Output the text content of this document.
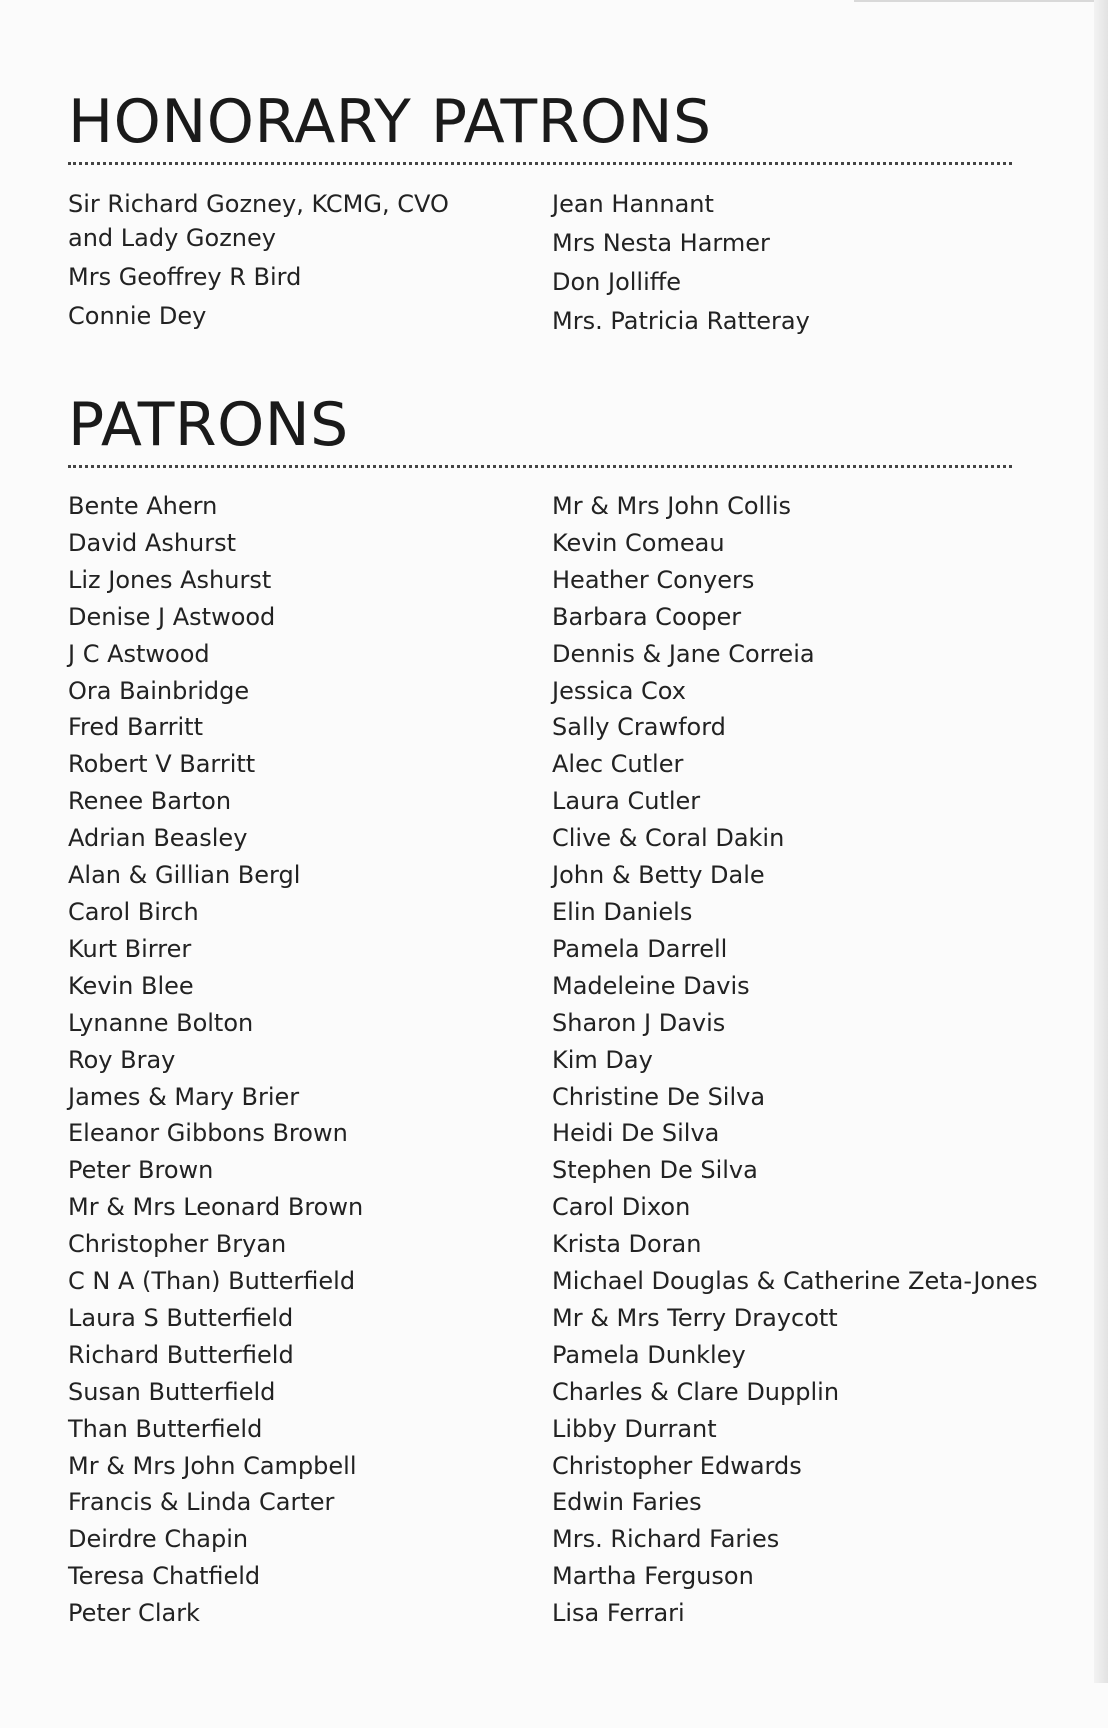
HONORARY PATRONS
Sir Richard Gozney, KCMG, CVO
and Lady Gozney
Mrs Geoffrey R Bird
Connie Dey
Jean Hannant
Mrs Nesta Harmer
Don Jolliffe
Mrs. Patricia Ratteray
PATRONS
Bente Ahern
David Ashurst
Liz Jones Ashurst
Denise J Astwood
J C Astwood
Ora Bainbridge
Fred Barritt
Robert V Barritt
Renee Barton
Adrian Beasley
Alan & Gillian Bergl
Carol Birch
Kurt Birrer
Kevin Blee
Lynanne Bolton
Roy Bray
James & Mary Brier
Eleanor Gibbons Brown
Peter Brown
Mr & Mrs Leonard Brown
Christopher Bryan
C N A (Than) Butterfield
Laura S Butterfield
Richard Butterfield
Susan Butterfield
Than Butterfield
Mr & Mrs John Campbell
Francis & Linda Carter
Deirdre Chapin
Teresa Chatfield
Peter Clark
Mr & Mrs John Collis
Kevin Comeau
Heather Conyers
Barbara Cooper
Dennis & Jane Correia
Jessica Cox
Sally Crawford
Alec Cutler
Laura Cutler
Clive & Coral Dakin
John & Betty Dale
Elin Daniels
Pamela Darrell
Madeleine Davis
Sharon J Davis
Kim Day
Christine De Silva
Heidi De Silva
Stephen De Silva
Carol Dixon
Krista Doran
Michael Douglas & Catherine Zeta-Jones
Mr & Mrs Terry Draycott
Pamela Dunkley
Charles & Clare Dupplin
Libby Durrant
Christopher Edwards
Edwin Faries
Mrs. Richard Faries
Martha Ferguson
Lisa Ferrari
